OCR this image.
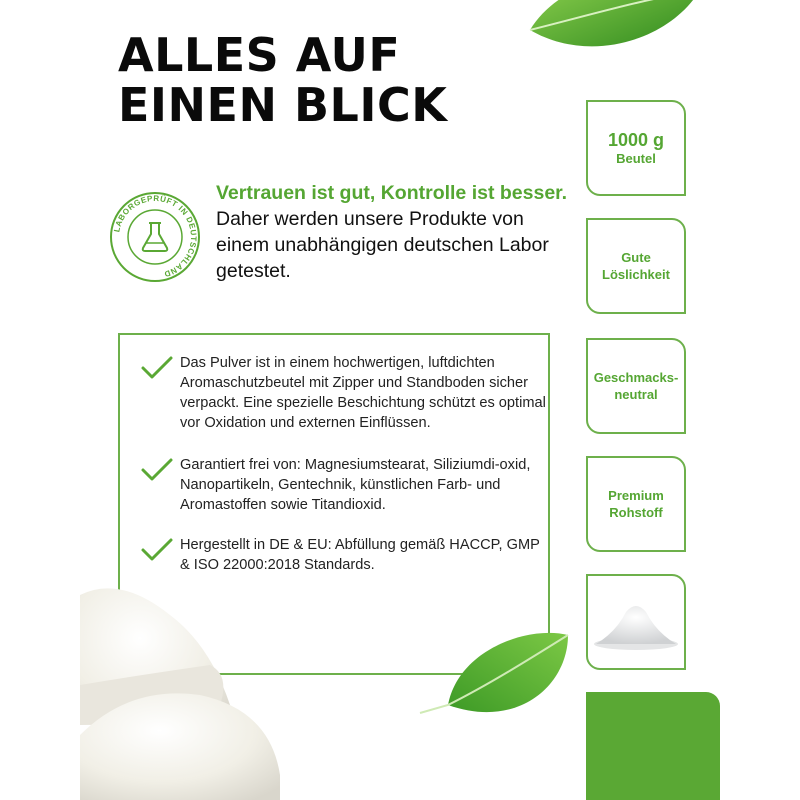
ALLES AUF
EINEN BLICK
LABORGEPRÜFT IN DEUTSCHLAND
Vertrauen ist gut, Kontrolle ist besser.
Daher werden unsere Produkte von einem unabhängigen deutschen Labor getestet.
Das Pulver ist in einem hochwertigen, luftdichten Aromaschutzbeutel mit Zipper und Standboden sicher verpackt. Eine spezielle Beschichtung schützt es optimal vor Oxidation und externen Einflüssen.
Garantiert frei von: Magnesiumstearat, Siliziumdi-oxid, Nanopartikeln, Gentechnik, künstlichen Farb- und Aromastoffen sowie Titandioxid.
Hergestellt in DE & EU: Abfüllung gemäß HACCP, GMP & ISO 22000:2018 Standards.
1000 g
Beutel
Gute
Löslichkeit
Geschmacks-
neutral
Premium
Rohstoff
